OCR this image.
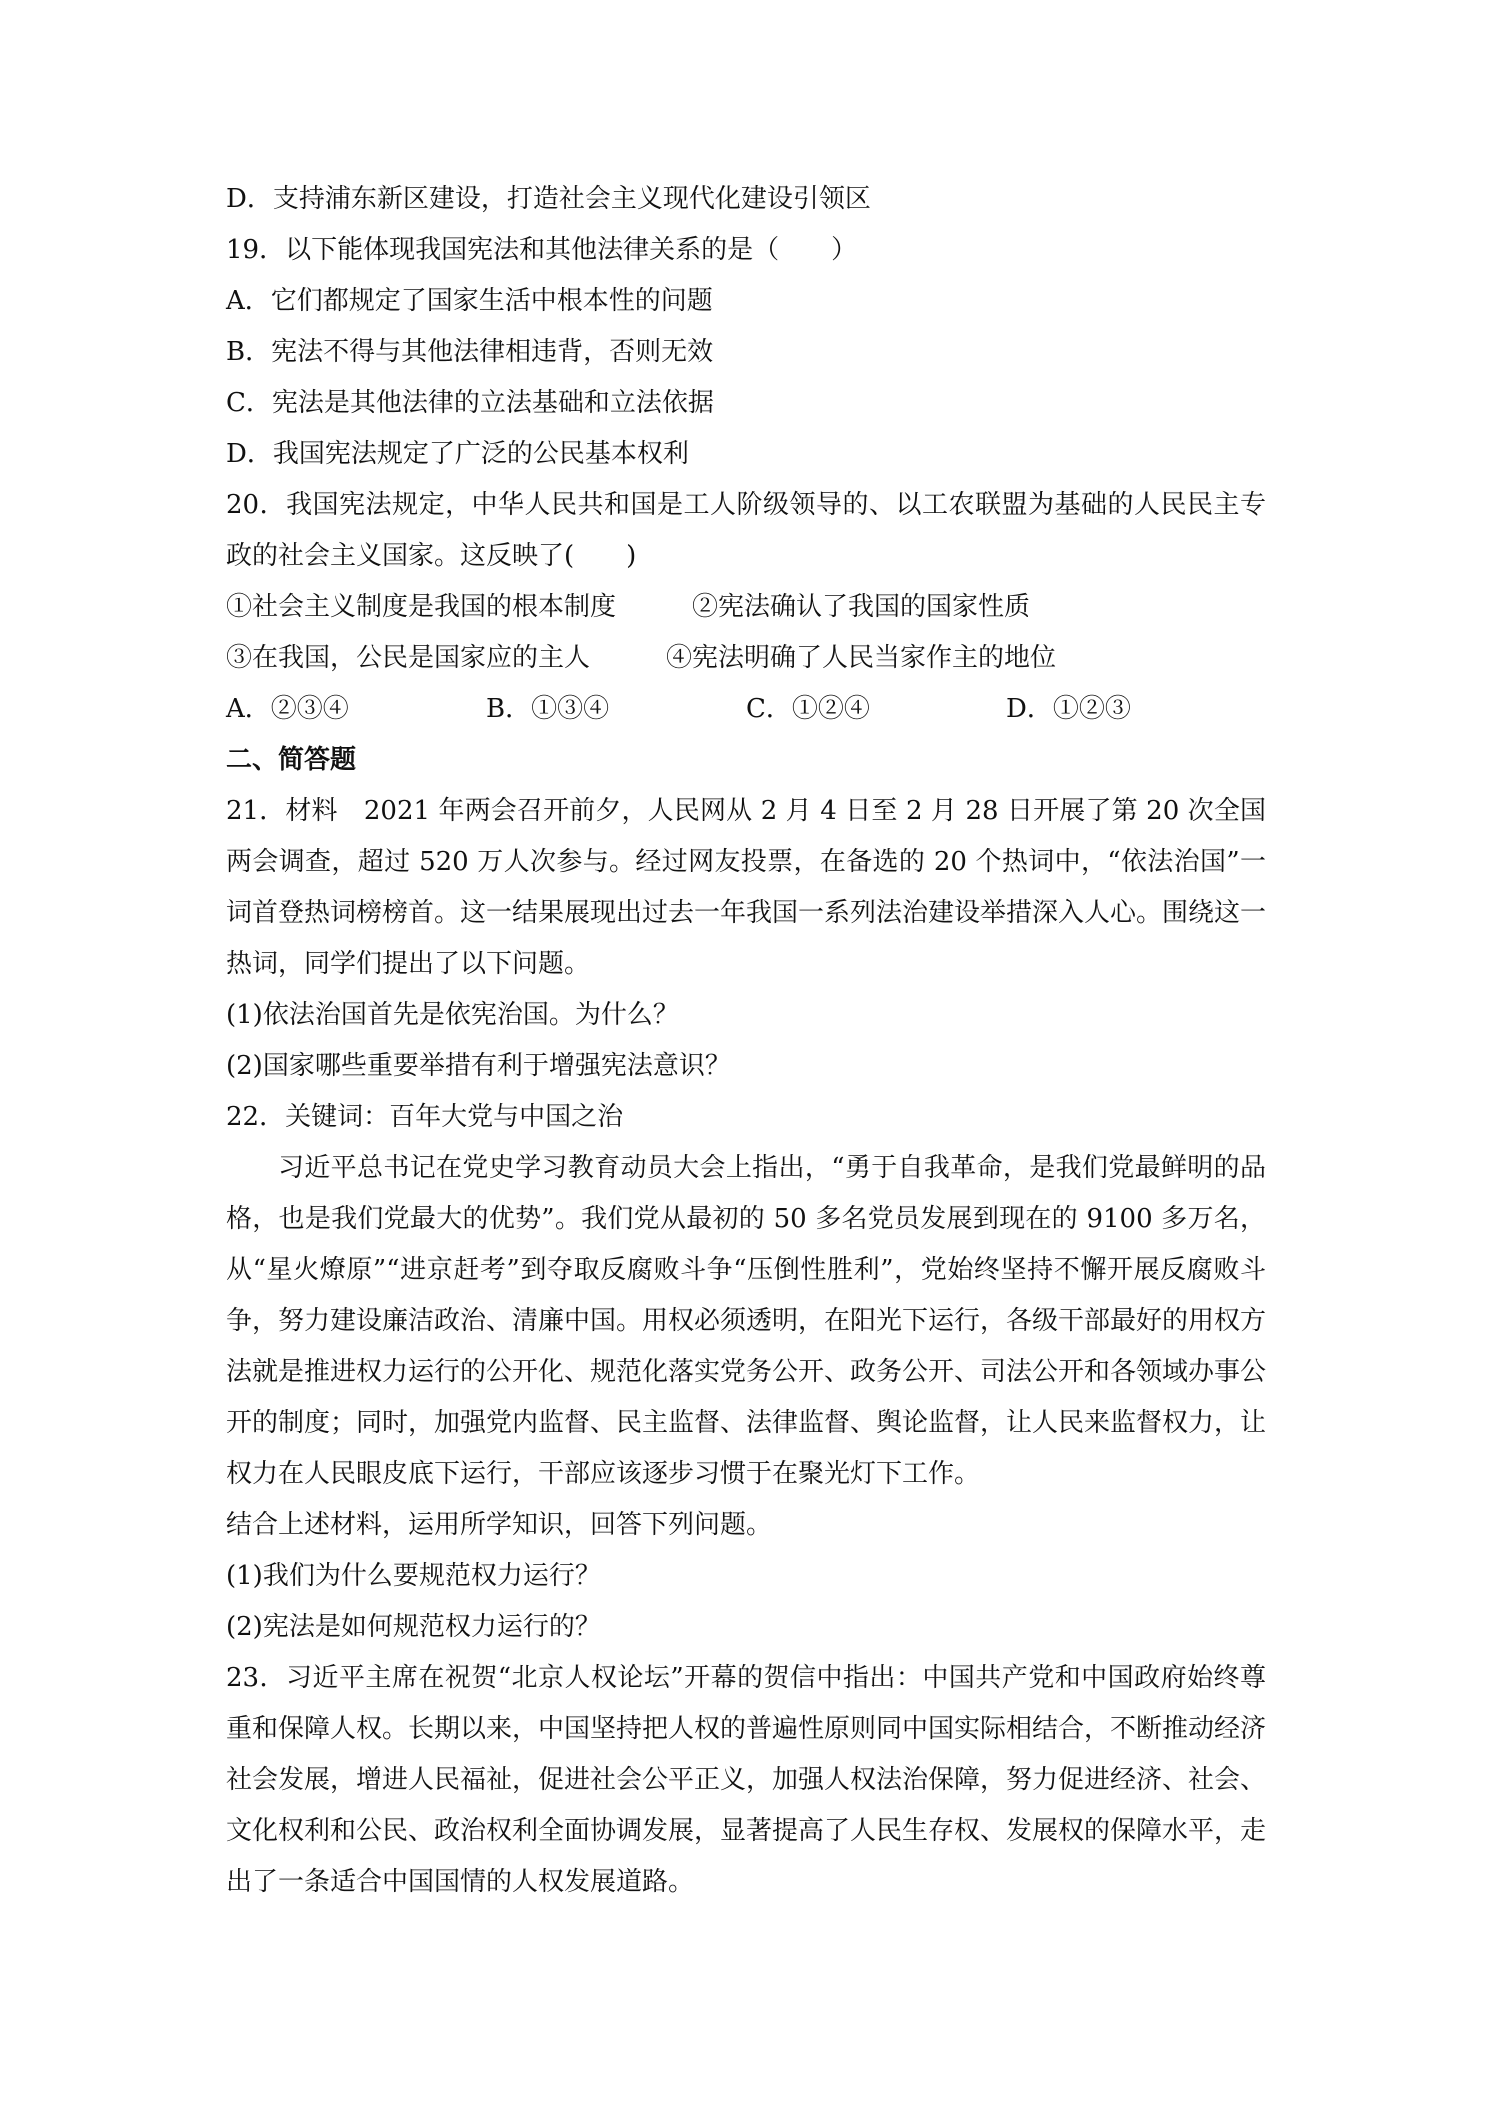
D．支持浦东新区建设，打造社会主义现代化建设引领区
19．以下能体现我国宪法和其他法律关系的是（　　）
A．它们都规定了国家生活中根本性的问题
B．宪法不得与其他法律相违背，否则无效
C．宪法是其他法律的立法基础和立法依据
D．我国宪法规定了广泛的公民基本权利

20．我国宪法规定，中华人民共和国是工人阶级领导的、以工农联盟为基础的人民民主专政的社会主义国家。这反映了(　　)

①社会主义制度是我国的根本制度	②宪法确认了我国的国家性质
③在我国，公民是国家应的主人	④宪法明确了人民当家作主的地位
A．②③④	B．①③④	C．①②④	D．①②③
二、简答题

21．材料　2021 年两会召开前夕，人民网从 2 月 4 日至 2 月 28 日开展了第 20 次全国两会调查，超过 520 万人次参与。经过网友投票，在备选的 20 个热词中，“依法治国”一词首登热词榜榜首。这一结果展现出过去一年我国一系列法治建设举措深入人心。围绕这一热词，同学们提出了以下问题。

(1)依法治国首先是依宪治国。为什么？
(2)国家哪些重要举措有利于增强宪法意识？
22．关键词：百年大党与中国之治

习近平总书记在党史学习教育动员大会上指出，“勇于自我革命，是我们党最鲜明的品格，也是我们党最大的优势”。我们党从最初的 50 多名党员发展到现在的 9100 多万名，从“星火燎原”“进京赶考”到夺取反腐败斗争“压倒性胜利”，党始终坚持不懈开展反腐败斗争，努力建设廉洁政治、清廉中国。用权必须透明，在阳光下运行，各级干部最好的用权方法就是推进权力运行的公开化、规范化落实党务公开、政务公开、司法公开和各领域办事公开的制度；同时，加强党内监督、民主监督、法律监督、舆论监督，让人民来监督权力，让权力在人民眼皮底下运行，干部应该逐步习惯于在聚光灯下工作。

结合上述材料，运用所学知识，回答下列问题。
(1)我们为什么要规范权力运行？
(2)宪法是如何规范权力运行的？

23．习近平主席在祝贺“北京人权论坛”开幕的贺信中指出：中国共产党和中国政府始终尊重和保障人权。长期以来，中国坚持把人权的普遍性原则同中国实际相结合，不断推动经济社会发展，增进人民福祉，促进社会公平正义，加强人权法治保障，努力促进经济、社会、文化权利和公民、政治权利全面协调发展，显著提高了人民生存权、发展权的保障水平，走出了一条适合中国国情的人权发展道路。
